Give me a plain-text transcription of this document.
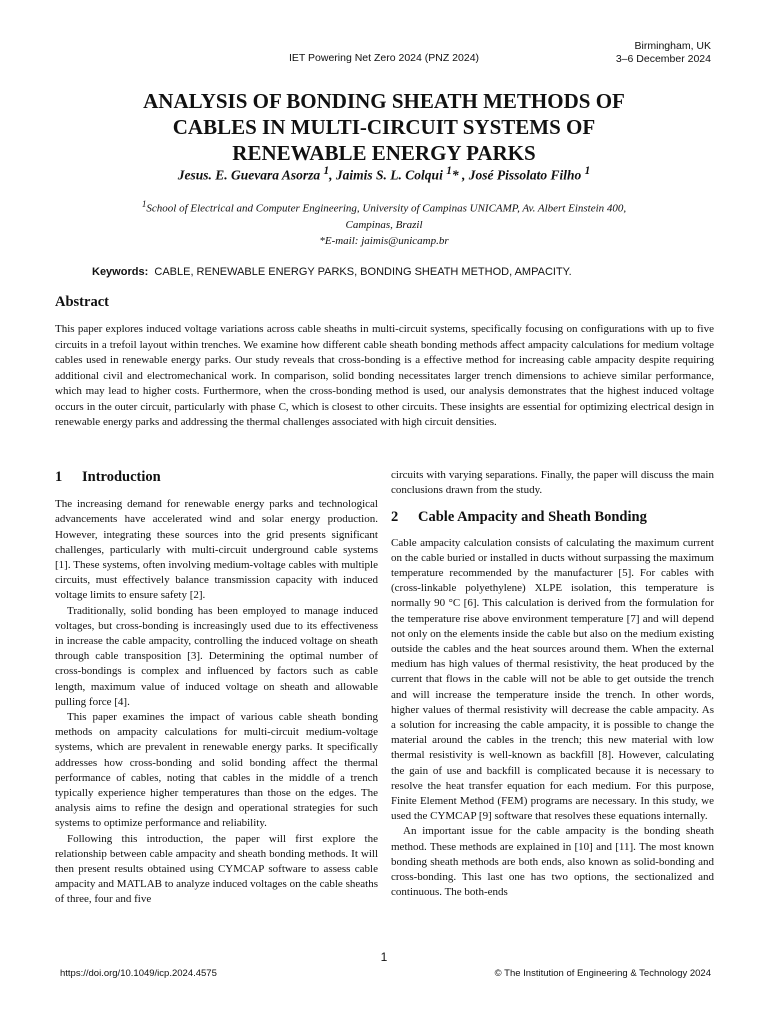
Birmingham, UK
3–6 December 2024
IET Powering Net Zero 2024 (PNZ 2024)
ANALYSIS OF BONDING SHEATH METHODS OF
CABLES IN MULTI-CIRCUIT SYSTEMS OF
RENEWABLE ENERGY PARKS
Jesus. E. Guevara Asorza $^1$, Jaimis S. L. Colqui $^1$* , José Pissolato Filho $^1$
$^1$School of Electrical and Computer Engineering, University of Campinas UNICAMP, Av. Albert Einstein 400,
Campinas, Brazil
*E-mail: jaimis@unicamp.br
Keywords: CABLE, RENEWABLE ENERGY PARKS, BONDING SHEATH METHOD, AMPACITY.
Abstract

This paper explores induced voltage variations across cable sheaths in multi-circuit systems, specifically focusing on configurations with up to five circuits in a trefoil layout within trenches. We examine how different cable sheath bonding methods affect ampacity calculations for medium voltage cables used in renewable energy parks. Our study reveals that cross-bonding is a effective method for increasing cable ampacity despite requiring additional civil and electromechanical work. In comparison, solid bonding necessitates larger trench dimensions to achieve similar performance, which may lead to higher costs. Furthermore, when the cross-bonding method is used, our analysis demonstrates that the highest induced voltage occurs in the outer circuit, particularly with phase C, which is closest to other circuits. These insights are essential for optimizing electrical design in renewable energy parks and addressing the thermal challenges associated with high circuit densities.

1	Introduction

The increasing demand for renewable energy parks and technological advancements have accelerated wind and solar energy production. However, integrating these sources into the grid presents significant challenges, particularly with multi-circuit underground cable systems [1]. These systems, often involving medium-voltage cables with multiple circuits, must effectively balance transmission capacity with induced voltage limits to ensure safety [2].

Traditionally, solid bonding has been employed to manage induced voltages, but cross-bonding is increasingly used due to its effectiveness in increase the cable ampacity, controlling the induced voltage on sheath through cable transposition [3]. Determining the optimal number of cross-bondings is complex and influenced by factors such as cable length, maximum value of induced voltage on sheath and allowable pulling force [4].

This paper examines the impact of various cable sheath bonding methods on ampacity calculations for multi-circuit medium-voltage systems, which are prevalent in renewable energy parks. It specifically addresses how cross-bonding and solid bonding affect the thermal performance of cables, noting that cables in the middle of a trench typically experience higher temperatures than those on the edges. The analysis aims to refine the design and operational strategies for such systems to optimize performance and reliability.

Following this introduction, the paper will first explore the relationship between cable ampacity and sheath bonding methods. It will then present results obtained using CYMCAP software to assess cable ampacity and MATLAB to analyze induced voltages on the cable sheaths of three, four and five

circuits with varying separations. Finally, the paper will discuss the main conclusions drawn from the study.

2	Cable Ampacity and Sheath Bonding

Cable ampacity calculation consists of calculating the maximum current on the cable buried or installed in ducts without surpassing the maximum temperature recommended by the manufacturer [5]. For cables with (cross-linkable polyethylene) XLPE isolation, this temperature is normally 90 °C [6]. This calculation is derived from the formulation for the temperature rise above environment temperature [7] and will depend not only on the elements inside the cable but also on the medium existing outside the cables and the heat sources around them. When the external medium has high values of thermal resistivity, the heat produced by the current that flows in the cable will not be able to get outside the trench and will increase the temperature inside the trench. In other words, higher values of thermal resistivity will decrease the cable ampacity. As a solution for increasing the cable ampacity, it is possible to change the material around the cables in the trench; this new material with low thermal resistivity is well-known as backfill [8]. However, calculating the gain of use and backfill is complicated because it is necessary to resolve the heat transfer equation for each medium. For this purpose, Finite Element Method (FEM) programs are necessary. In this study, we used the CYMCAP [9] software that resolves these equations internally.

An important issue for the cable ampacity is the bonding sheath method. These methods are explained in [10] and [11]. The most known bonding sheath methods are both ends, also known as solid-bonding and cross-bonding. This last one has two options, the sectionalized and continuous. The both-ends

1
https://doi.org/10.1049/icp.2024.4575	© The Institution of Engineering & Technology 2024
